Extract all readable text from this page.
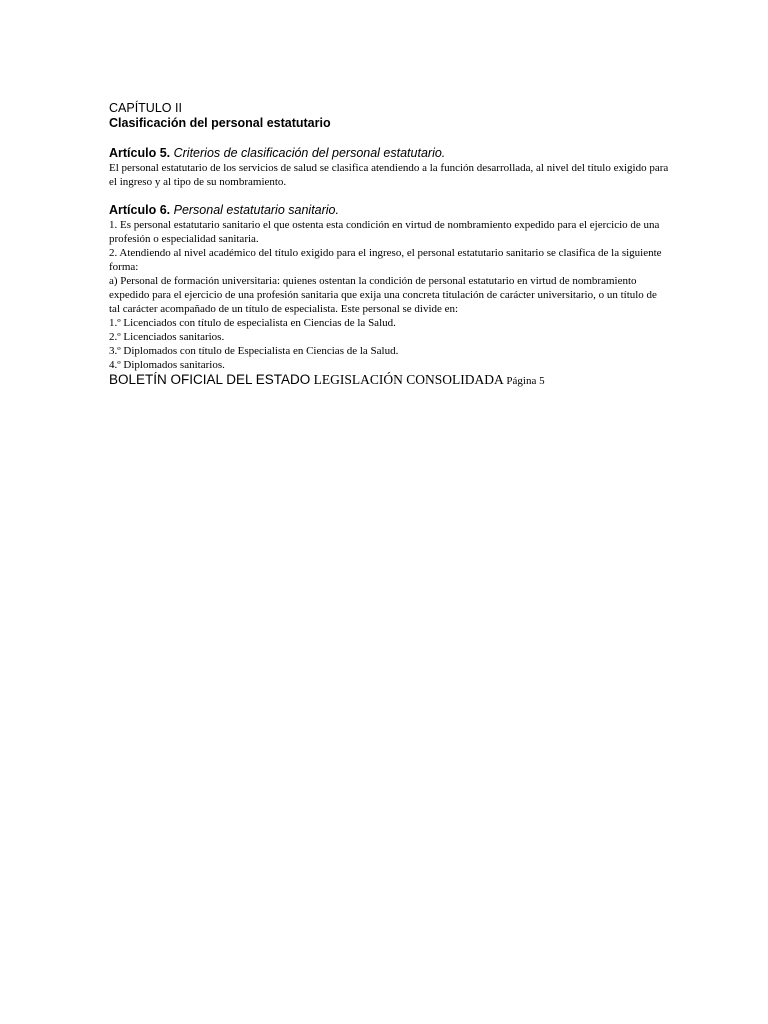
CAPÍTULO II
Clasificación del personal estatutario
Artículo 5. Criterios de clasificación del personal estatutario.

El personal estatutario de los servicios de salud se clasifica atendiendo a la función desarrollada, al nivel del título exigido para el ingreso y al tipo de su nombramiento.

Artículo 6. Personal estatutario sanitario.

1. Es personal estatutario sanitario el que ostenta esta condición en virtud de nombramiento expedido para el ejercicio de una profesión o especialidad sanitaria.

2. Atendiendo al nivel académico del título exigido para el ingreso, el personal estatutario sanitario se clasifica de la siguiente forma:

a) Personal de formación universitaria: quienes ostentan la condición de personal estatutario en virtud de nombramiento expedido para el ejercicio de una profesión sanitaria que exija una concreta titulación de carácter universitario, o un título de tal carácter acompañado de un título de especialista. Este personal se divide en:

1.º Licenciados con título de especialista en Ciencias de la Salud.

2.º Licenciados sanitarios.

3.º Diplomados con título de Especialista en Ciencias de la Salud.

4.º Diplomados sanitarios.

BOLETÍN OFICIAL DEL ESTADO LEGISLACIÓN CONSOLIDADA Página 5
